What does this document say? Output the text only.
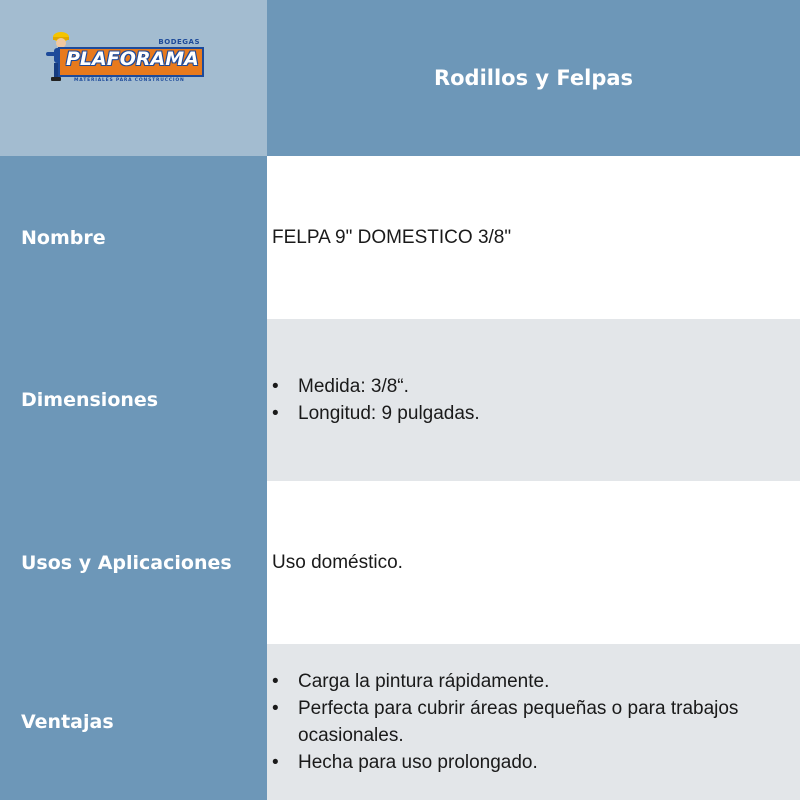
BODEGAS
PLAFORAMA
MATERIALES PARA CONSTRUCCION	Rodillos y Felpas
Nombre	FELPA 9" DOMESTICO 3/8"
Dimensiones
• Medida: 3/8“.
• Longitud: 9 pulgadas.
Usos y Aplicaciones Uso doméstico.
Ventajas
• Carga la pintura rápidamente.
• Perfecta para cubrir áreas pequeñas o para trabajos ocasionales.
• Hecha para uso prolongado.
